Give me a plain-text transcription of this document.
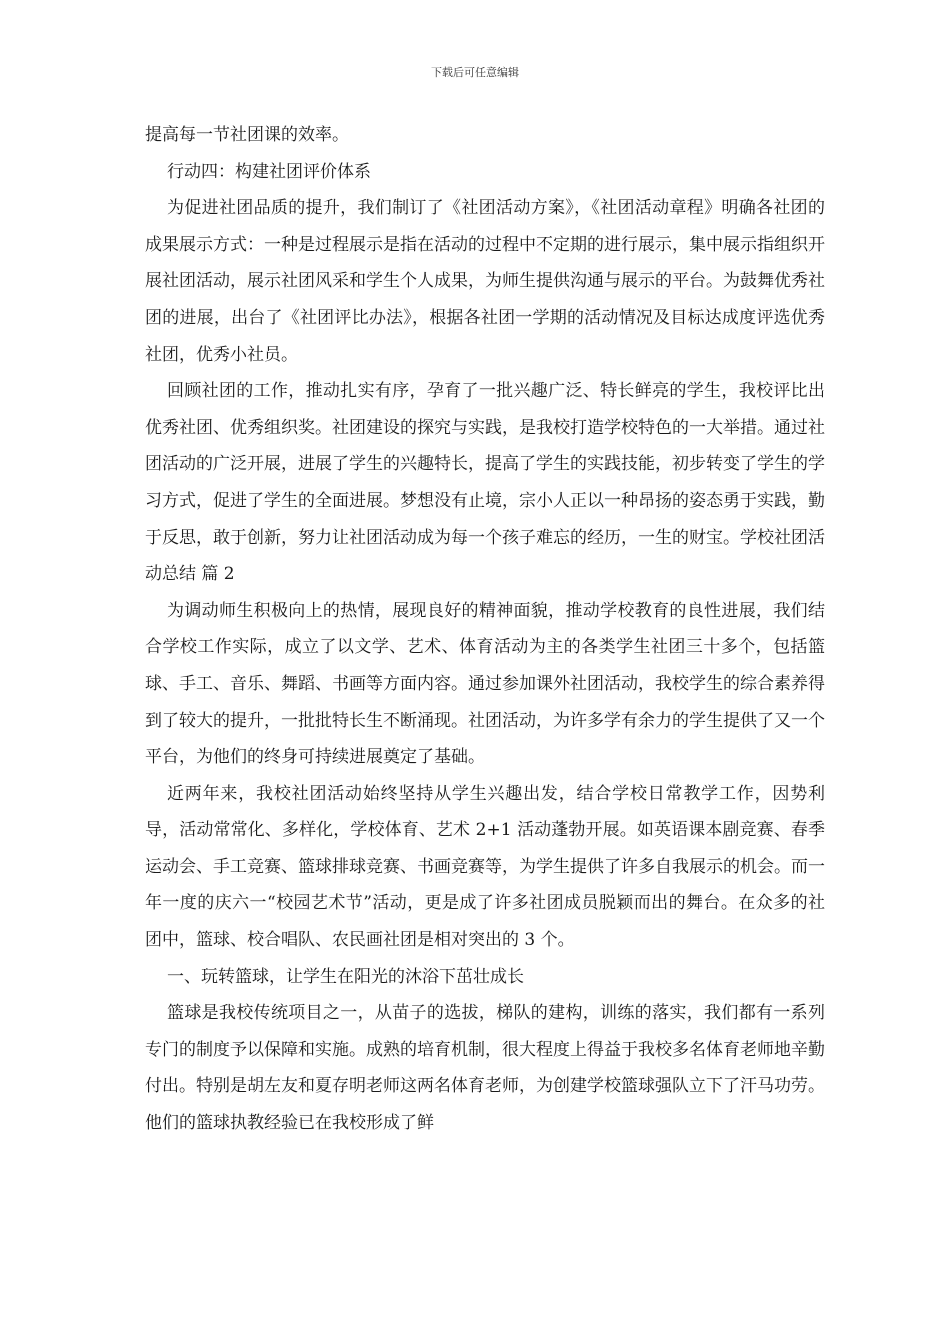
下载后可任意编辑

提高每一节社团课的效率。

行动四：构建社团评价体系

为促进社团品质的提升，我们制订了《社团活动方案》，《社团活动章程》明确各社团的成果展示方式：一种是过程展示是指在活动的过程中不定期的进行展示，集中展示指组织开展社团活动，展示社团风采和学生个人成果，为师生提供沟通与展示的平台。为鼓舞优秀社团的进展，出台了《社团评比办法》，根据各社团一学期的活动情况及目标达成度评选优秀社团，优秀小社员。

回顾社团的工作，推动扎实有序，孕育了一批兴趣广泛、特长鲜亮的学生，我校评比出优秀社团、优秀组织奖。社团建设的探究与实践，是我校打造学校特色的一大举措。通过社团活动的广泛开展，进展了学生的兴趣特长，提高了学生的实践技能，初步转变了学生的学习方式，促进了学生的全面进展。梦想没有止境，宗小人正以一种昂扬的姿态勇于实践，勤于反思，敢于创新，努力让社团活动成为每一个孩子难忘的经历，一生的财宝。学校社团活动总结 篇 2

为调动师生积极向上的热情，展现良好的精神面貌，推动学校教育的良性进展，我们结合学校工作实际，成立了以文学、艺术、体育活动为主的各类学生社团三十多个，包括篮球、手工、音乐、舞蹈、书画等方面内容。通过参加课外社团活动，我校学生的综合素养得到了较大的提升，一批批特长生不断涌现。社团活动，为许多学有余力的学生提供了又一个平台，为他们的终身可持续进展奠定了基础。

近两年来，我校社团活动始终坚持从学生兴趣出发，结合学校日常教学工作，因势利导，活动常常化、多样化，学校体育、艺术 2+1 活动蓬勃开展。如英语课本剧竞赛、春季运动会、手工竞赛、篮球排球竞赛、书画竞赛等，为学生提供了许多自我展示的机会。而一年一度的庆六一“校园艺术节”活动，更是成了许多社团成员脱颖而出的舞台。在众多的社团中，篮球、校合唱队、农民画社团是相对突出的 3 个。

一、玩转篮球，让学生在阳光的沐浴下茁壮成长

篮球是我校传统项目之一，从苗子的选拔，梯队的建构，训练的落实，我们都有一系列专门的制度予以保障和实施。成熟的培育机制，很大程度上得益于我校多名体育老师地辛勤付出。特别是胡左友和夏存明老师这两名体育老师，为创建学校篮球强队立下了汗马功劳。他们的篮球执教经验已在我校形成了鲜
